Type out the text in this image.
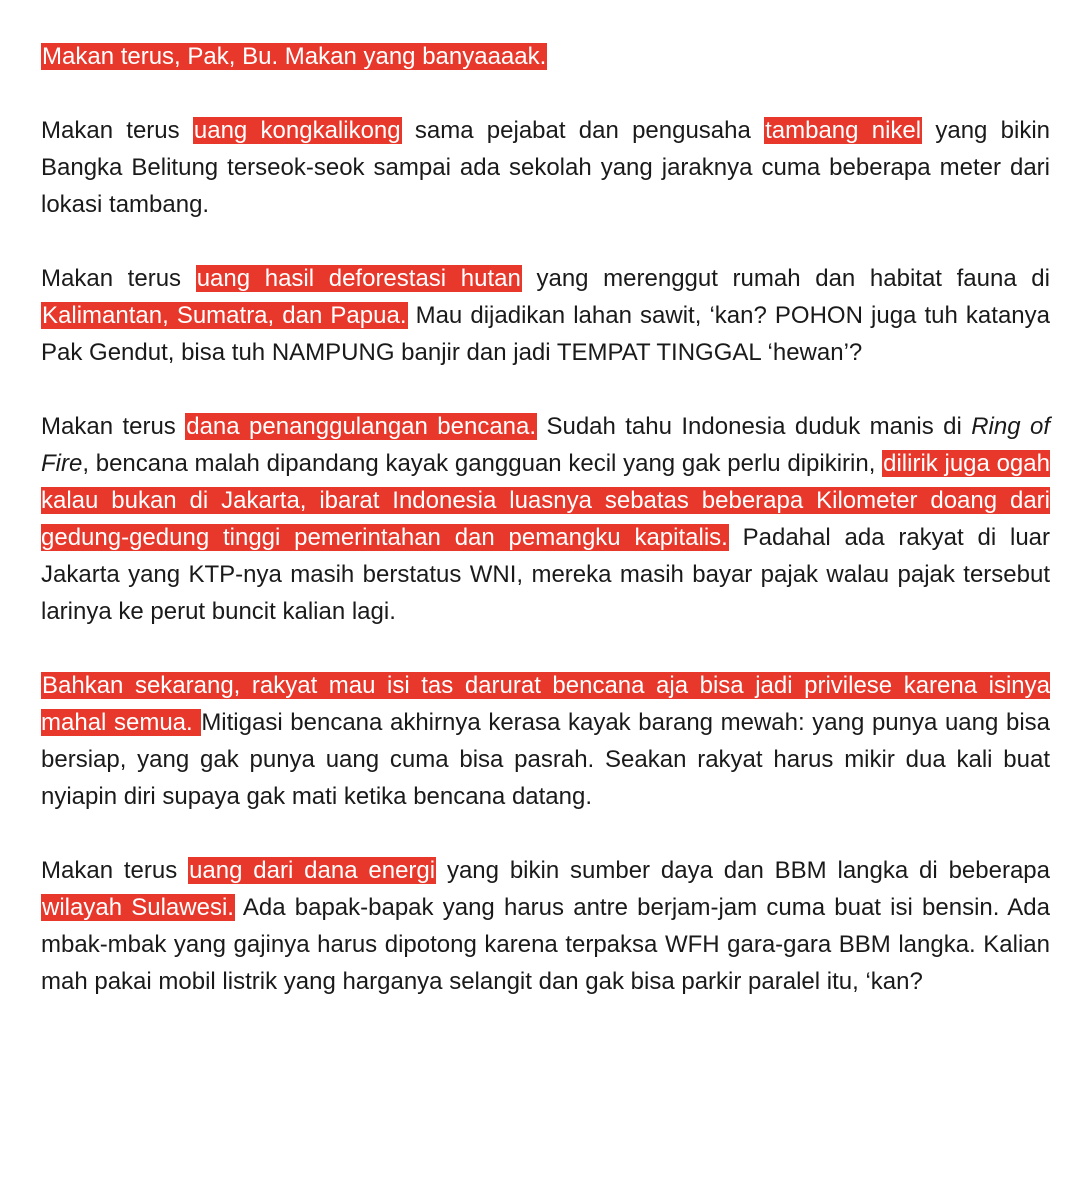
Makan terus, Pak, Bu. Makan yang banyaaaak.

Makan terus uang kongkalikong sama pejabat dan pengusaha tambang nikel yang bikin Bangka Belitung terseok-seok sampai ada sekolah yang jaraknya cuma beberapa meter dari lokasi tambang.

Makan terus uang hasil deforestasi hutan yang merenggut rumah dan habitat fauna di Kalimantan, Sumatra, dan Papua. Mau dijadikan lahan sawit, ‘kan? POHON juga tuh katanya Pak Gendut, bisa tuh NAMPUNG banjir dan jadi TEMPAT TINGGAL ‘hewan’?

Makan terus dana penanggulangan bencana. Sudah tahu Indonesia duduk manis di Ring of Fire, bencana malah dipandang kayak gangguan kecil yang gak perlu dipikirin, dilirik juga ogah kalau bukan di Jakarta, ibarat Indonesia luasnya sebatas beberapa Kilometer doang dari gedung-gedung tinggi pemerintahan dan pemangku kapitalis. Padahal ada rakyat di luar Jakarta yang KTP-nya masih berstatus WNI, mereka masih bayar pajak walau pajak tersebut larinya ke perut buncit kalian lagi.

Bahkan sekarang, rakyat mau isi tas darurat bencana aja bisa jadi privilese karena isinya mahal semua. Mitigasi bencana akhirnya kerasa kayak barang mewah: yang punya uang bisa bersiap, yang gak punya uang cuma bisa pasrah. Seakan rakyat harus mikir dua kali buat nyiapin diri supaya gak mati ketika bencana datang.

Makan terus uang dari dana energi yang bikin sumber daya dan BBM langka di beberapa wilayah Sulawesi. Ada bapak-bapak yang harus antre berjam-jam cuma buat isi bensin. Ada mbak-mbak yang gajinya harus dipotong karena terpaksa WFH gara-gara BBM langka. Kalian mah pakai mobil listrik yang harganya selangit dan gak bisa parkir paralel itu, ‘kan?
